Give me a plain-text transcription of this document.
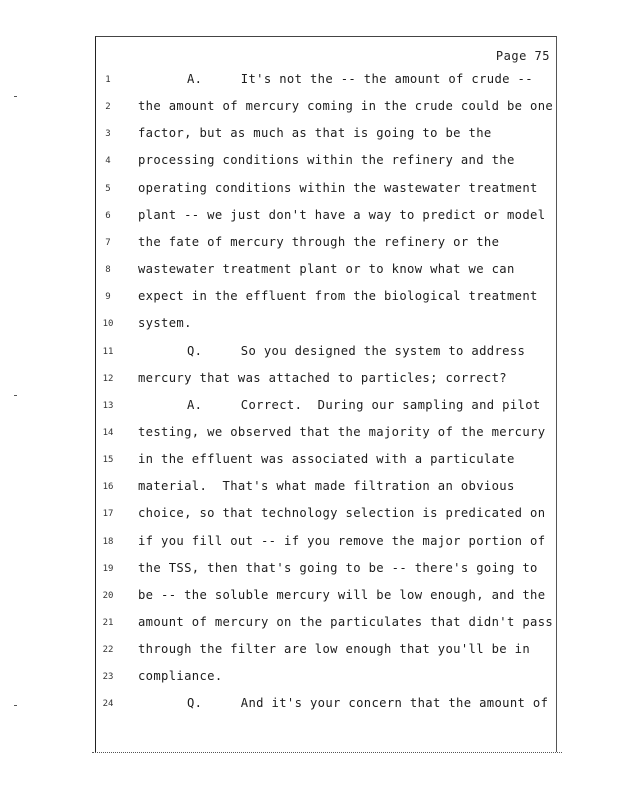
Page 75
1	A.     It's not the -- the amount of crude --
2	the amount of mercury coming in the crude could be one
3	factor, but as much as that is going to be the
4	processing conditions within the refinery and the
5	operating conditions within the wastewater treatment
6	plant -- we just don't have a way to predict or model
7	the fate of mercury through the refinery or the
8	wastewater treatment plant or to know what we can
9	expect in the effluent from the biological treatment
10	system.
11	Q.     So you designed the system to address
12	mercury that was attached to particles; correct?
13	A.     Correct.  During our sampling and pilot
14	testing, we observed that the majority of the mercury
15	in the effluent was associated with a particulate
16	material.  That's what made filtration an obvious
17	choice, so that technology selection is predicated on
18	if you fill out -- if you remove the major portion of
19	the TSS, then that's going to be -- there's going to
20	be -- the soluble mercury will be low enough, and the
21	amount of mercury on the particulates that didn't pass
22	through the filter are low enough that you'll be in
23	compliance.
24	Q.     And it's your concern that the amount of
